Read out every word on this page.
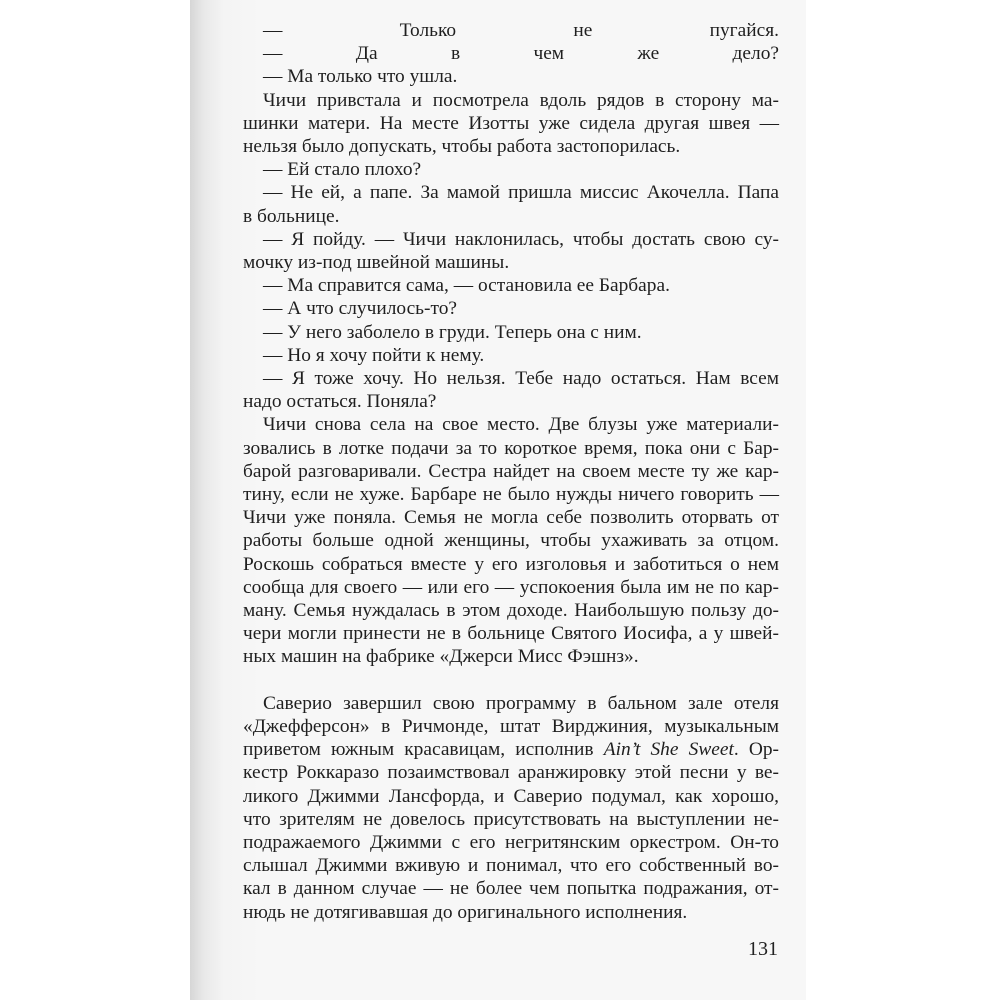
— Только не пугайся.
— Да в чем же дело?
— Ма только что ушла.
Чичи привстала и посмотрела вдоль рядов в сторону ма-
шинки матери. На месте Изотты уже сидела другая швея —
нельзя было допускать, чтобы работа застопорилась.
— Ей стало плохо?
— Не ей, а папе. За мамой пришла миссис Акочелла. Папа
в больнице.
— Я пойду. — Чичи наклонилась, чтобы достать свою су-
мочку из-под швейной машины.
— Ма справится сама, — остановила ее Барбара.
— А что случилось-то?
— У него заболело в груди. Теперь она с ним.
— Но я хочу пойти к нему.
— Я тоже хочу. Но нельзя. Тебе надо остаться. Нам всем
надо остаться. Поняла?
Чичи снова села на свое место. Две блузы уже материали-
зовались в лотке подачи за то короткое время, пока они с Бар-
барой разговаривали. Сестра найдет на своем месте ту же кар-
тину, если не хуже. Барбаре не было нужды ничего говорить —
Чичи уже поняла. Семья не могла себе позволить оторвать от
работы больше одной женщины, чтобы ухаживать за отцом.
Роскошь собраться вместе у его изголовья и заботиться о нем
сообща для своего — или его — успокоения была им не по кар-
ману. Семья нуждалась в этом доходе. Наибольшую пользу до-
чери могли принести не в больнице Святого Иосифа, а у швей-
ных машин на фабрике «Джерси Мисс Фэшнз».
Саверио завершил свою программу в бальном зале отеля
«Джефферсон» в Ричмонде, штат Вирджиния, музыкальным
приветом южным красавицам, исполнив Ain’t She Sweet. Ор-
кестр Роккаразо позаимствовал аранжировку этой песни у ве-
ликого Джимми Лансфорда, и Саверио подумал, как хорошо,
что зрителям не довелось присутствовать на выступлении не-
подражаемого Джимми с его негритянским оркестром. Он-то
слышал Джимми вживую и понимал, что его собственный во-
кал в данном случае — не более чем попытка подражания, от-
нюдь не дотягивавшая до оригинального исполнения.
131
